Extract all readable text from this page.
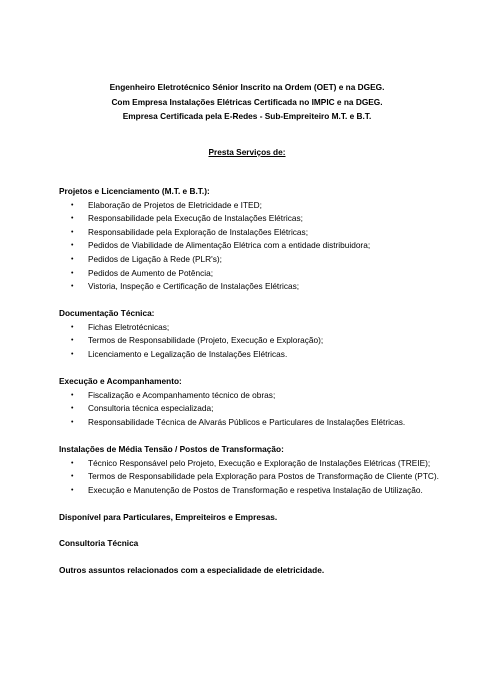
Engenheiro Eletrotécnico Sénior Inscrito na Ordem (OET) e na DGEG.
Com Empresa Instalações Elétricas Certificada no IMPIC e na DGEG.
Empresa Certificada pela E-Redes - Sub-Empreiteiro M.T. e B.T.
Presta Serviços de:
Projetos e Licenciamento (M.T. e B.T.):
• Elaboração de Projetos de Eletricidade e ITED;
• Responsabilidade pela Execução de Instalações Elétricas;
• Responsabilidade pela Exploração de Instalações Elétricas;
• Pedidos de Viabilidade de Alimentação Elétrica com a entidade distribuidora;
• Pedidos de Ligação à Rede (PLR's);
• Pedidos de Aumento de Potência;
• Vistoria, Inspeção e Certificação de Instalações Elétricas;
Documentação Técnica:
• Fichas Eletrotécnicas;
• Termos de Responsabilidade (Projeto, Execução e Exploração);
• Licenciamento e Legalização de Instalações Elétricas.
Execução e Acompanhamento:
• Fiscalização e Acompanhamento técnico de obras;
• Consultoria técnica especializada;
• Responsabilidade Técnica de Alvarás Públicos e Particulares de Instalações Elétricas.
Instalações de Média Tensão / Postos de Transformação:
• Técnico Responsável pelo Projeto, Execução e Exploração de Instalações Elétricas (TREIE);
• Termos de Responsabilidade pela Exploração para Postos de Transformação de Cliente (PTC).
• Execução e Manutenção de Postos de Transformação e respetiva Instalação de Utilização.
Disponível para Particulares, Empreiteiros e Empresas.
Consultoria Técnica
Outros assuntos relacionados com a especialidade de eletricidade.
